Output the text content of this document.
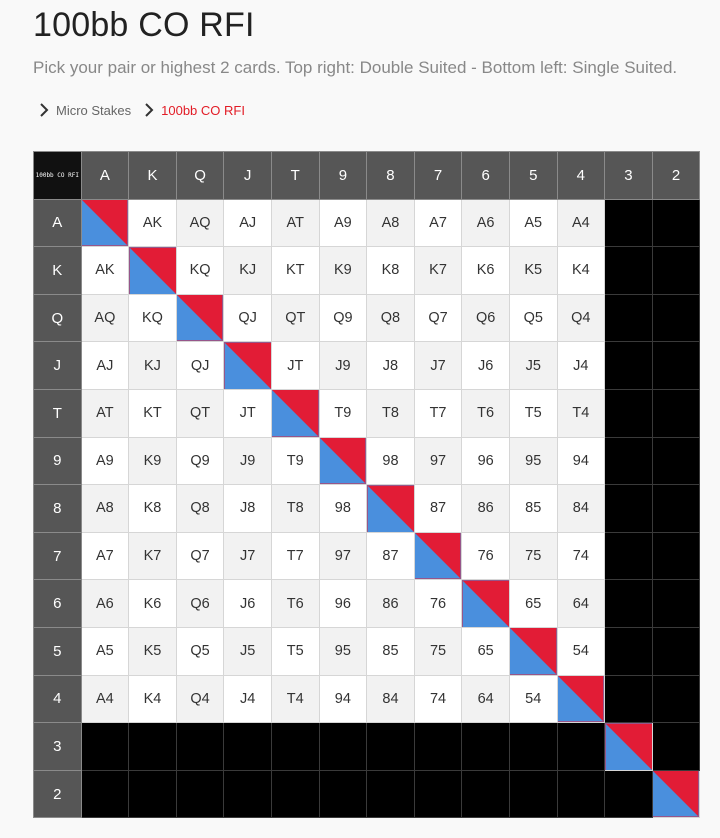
100bb CO RFI
Pick your pair or highest 2 cards. Top right: Double Suited - Bottom left: Single Suited.
Micro Stakes 100bb CO RFI
100bb CO RFI	A	K	Q	J	T	9	8	7	6	5	4	3	2
A		AK	AQ	AJ	AT	A9	A8	A7	A6	A5	A4		
K	AK		KQ	KJ	KT	K9	K8	K7	K6	K5	K4		
Q	AQ	KQ		QJ	QT	Q9	Q8	Q7	Q6	Q5	Q4		
J	AJ	KJ	QJ		JT	J9	J8	J7	J6	J5	J4		
T	AT	KT	QT	JT		T9	T8	T7	T6	T5	T4		
9	A9	K9	Q9	J9	T9		98	97	96	95	94		
8	A8	K8	Q8	J8	T8	98		87	86	85	84		
7	A7	K7	Q7	J7	T7	97	87		76	75	74		
6	A6	K6	Q6	J6	T6	96	86	76		65	64		
5	A5	K5	Q5	J5	T5	95	85	75	65		54		
4	A4	K4	Q4	J4	T4	94	84	74	64	54			
3													
2													
